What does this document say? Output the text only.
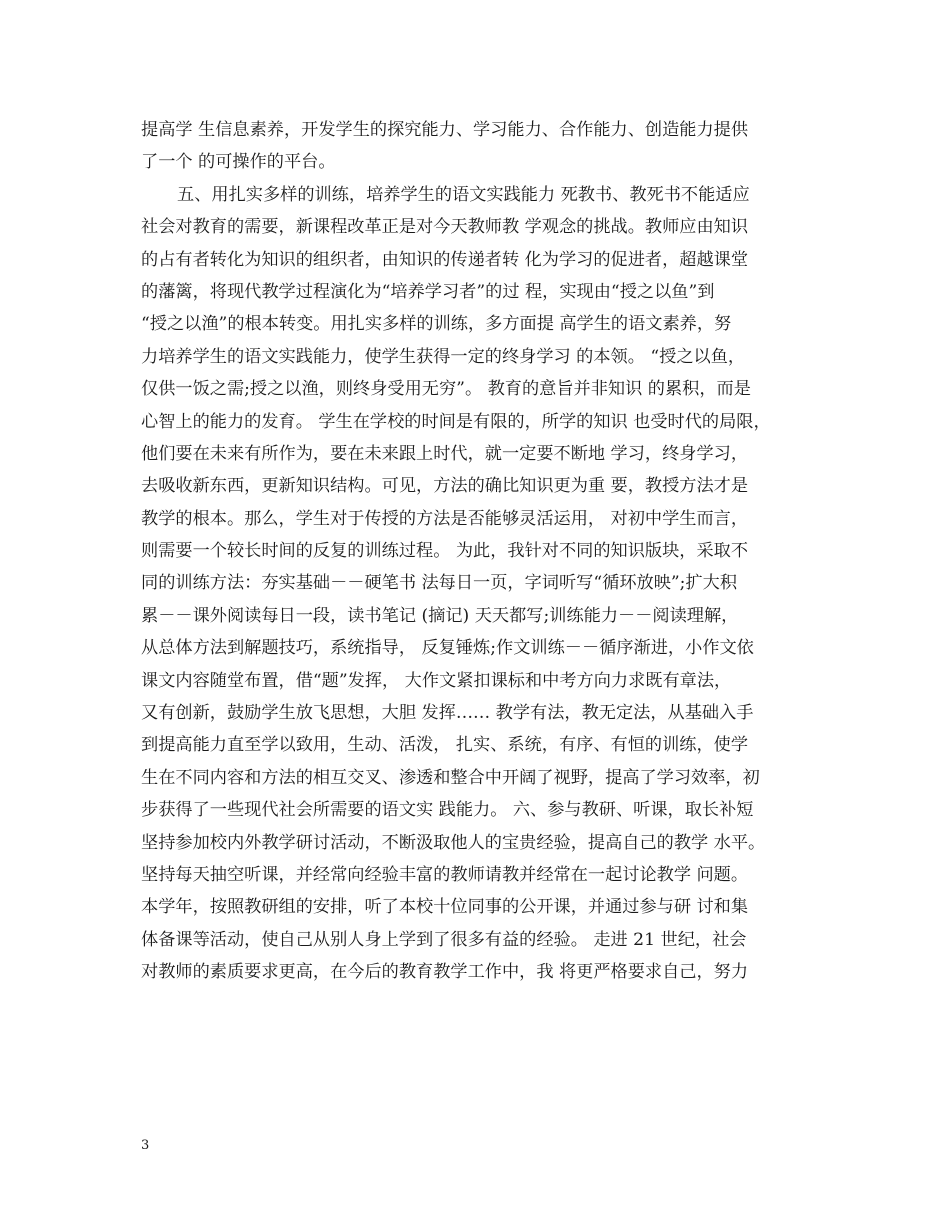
提高学 生信息素养，开发学生的探究能力、学习能力、合作能力、创造能力提供
了一个 的可操作的平台。
五、用扎实多样的训练，培养学生的语文实践能力 死教书、教死书不能适应
社会对教育的需要，新课程改革正是对今天教师教 学观念的挑战。教师应由知识
的占有者转化为知识的组织者，由知识的传递者转 化为学习的促进者，超越课堂
的藩篱，将现代教学过程演化为“培养学习者”的过 程，实现由“授之以鱼”到
“授之以渔”的根本转变。用扎实多样的训练，多方面提 高学生的语文素养，努
力培养学生的语文实践能力，使学生获得一定的终身学习 的本领。 “授之以鱼，
仅供一饭之需;授之以渔，则终身受用无穷”。 教育的意旨并非知识 的累积，而是
心智上的能力的发育。 学生在学校的时间是有限的，所学的知识 也受时代的局限，
他们要在未来有所作为，要在未来跟上时代，就一定要不断地 学习，终身学习，
去吸收新东西，更新知识结构。可见，方法的确比知识更为重 要，教授方法才是
教学的根本。那么，学生对于传授的方法是否能够灵活运用， 对初中学生而言，
则需要一个较长时间的反复的训练过程。 为此，我针对不同的知识版块，采取不
同的训练方法：夯实基础－－硬笔书 法每日一页，字词听写“循环放映”;扩大积
累－－课外阅读每日一段，读书笔记 (摘记) 天天都写;训练能力－－阅读理解，
从总体方法到解题技巧，系统指导， 反复锤炼;作文训练－－循序渐进，小作文依
课文内容随堂布置，借“题”发挥， 大作文紧扣课标和中考方向力求既有章法，
又有创新，鼓励学生放飞思想，大胆 发挥…… 教学有法，教无定法，从基础入手
到提高能力直至学以致用，生动、活泼， 扎实、系统，有序、有恒的训练，使学
生在不同内容和方法的相互交叉、渗透和整合中开阔了视野，提高了学习效率，初
步获得了一些现代社会所需要的语文实 践能力。 六、参与教研、听课，取长补短
坚持参加校内外教学研讨活动，不断汲取他人的宝贵经验，提高自己的教学 水平。
坚持每天抽空听课，并经常向经验丰富的教师请教并经常在一起讨论教学 问题。
本学年，按照教研组的安排，听了本校十位同事的公开课，并通过参与研 讨和集
体备课等活动，使自己从别人身上学到了很多有益的经验。 走进 21 世纪，社会
对教师的素质要求更高，在今后的教育教学工作中，我 将更严格要求自己，努力
3
